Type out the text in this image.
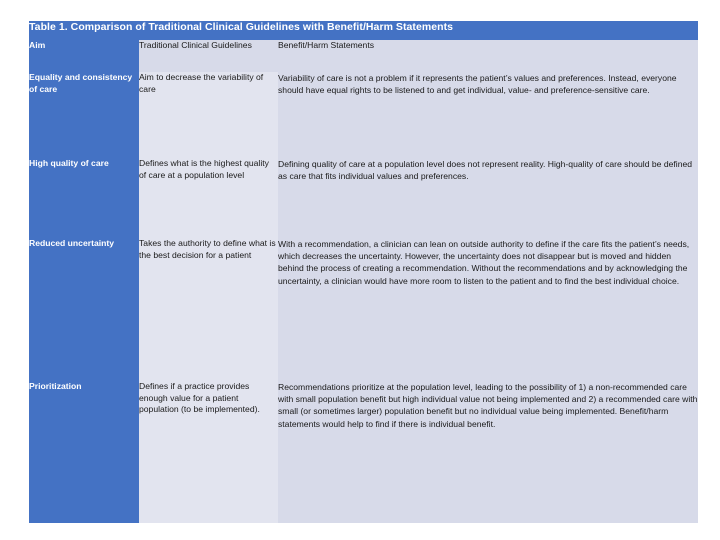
Table 1. Comparison of Traditional Clinical Guidelines with Benefit/Harm Statements		
Aim	Traditional Clinical Guidelines	Benefit/Harm Statements
Equality and consistency of care	Aim to decrease the variability of care	Variability of care is not a problem if it represents the patient’s values and preferences. Instead, everyone should have equal rights to be listened to and get individual, value- and preference-sensitive care.
High quality of care	Defines what is the highest quality of care at a population level	Defining quality of care at a population level does not represent reality. High-quality of care should be defined as care that fits individual values and preferences.
Reduced uncertainty	Takes the authority to define what is the best decision for a patient	With a recommendation, a clinician can lean on outside authority to define if the care fits the patient’s needs, which decreases the uncertainty. However, the uncertainty does not disappear but is moved and hidden behind the process of creating a recommendation. Without the recommendations and by acknowledging the uncertainty, a clinician would have more room to listen to the patient and to find the best individual choice.
Prioritization	Defines if a practice provides enough value for a patient population (to be implemented).	Recommendations prioritize at the population level, leading to the possibility of 1) a non-recommended care with small population benefit but high individual value not being implemented and 2) a recommended care with small (or sometimes larger) population benefit but no individual value being implemented. Benefit/harm statements would help to find if there is individual benefit.
